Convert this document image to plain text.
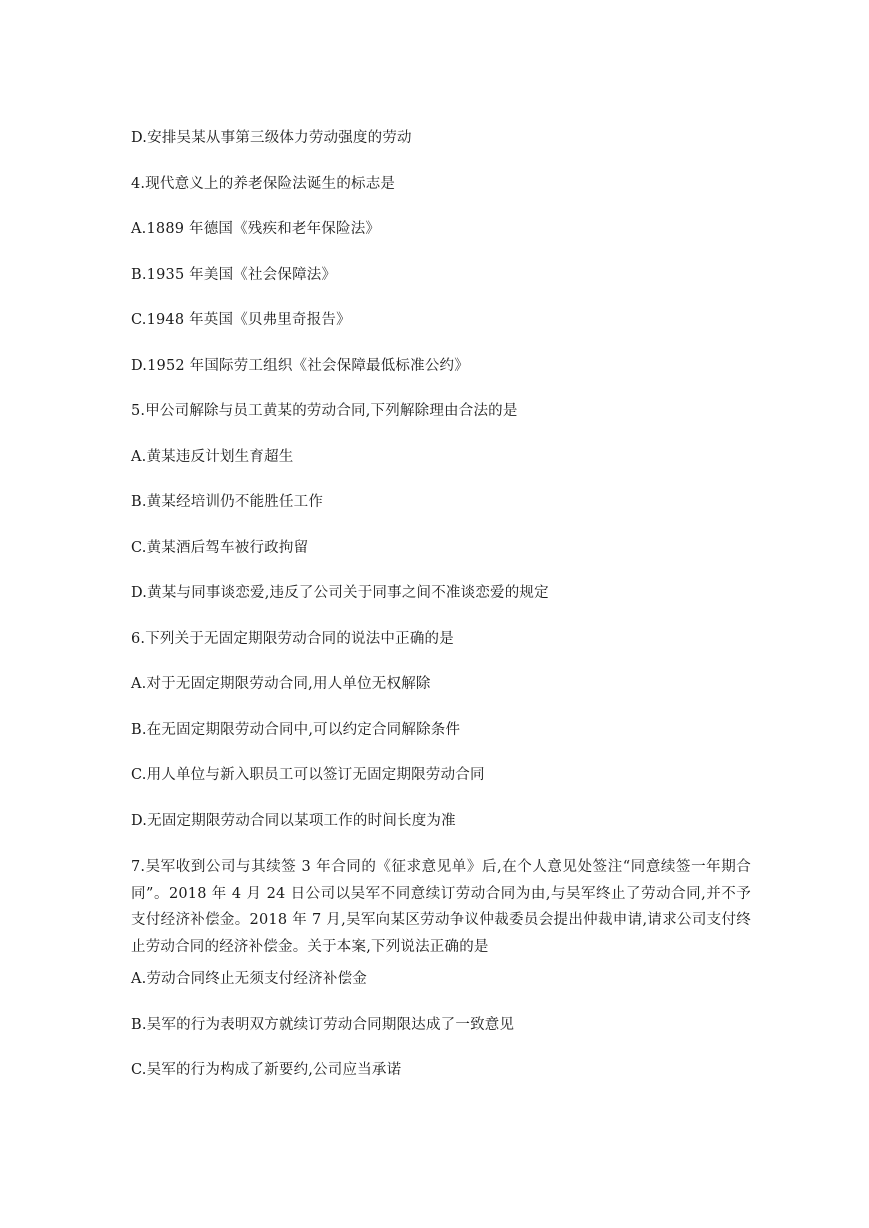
D.安排吴某从事第三级体力劳动强度的劳动
4.现代意义上的养老保险法诞生的标志是
A.1889 年德国《残疾和老年保险法》
B.1935 年美国《社会保障法》
C.1948 年英国《贝弗里奇报告》
D.1952 年国际劳工组织《社会保障最低标准公约》
5.甲公司解除与员工黄某的劳动合同,下列解除理由合法的是
A.黄某违反计划生育超生
B.黄某经培训仍不能胜任工作
C.黄某酒后驾车被行政拘留
D.黄某与同事谈恋爱,违反了公司关于同事之间不准谈恋爱的规定
6.下列关于无固定期限劳动合同的说法中正确的是
A.对于无固定期限劳动合同,用人单位无权解除
B.在无固定期限劳动合同中,可以约定合同解除条件
C.用人单位与新入职员工可以签订无固定期限劳动合同
D.无固定期限劳动合同以某项工作的时间长度为准
7.吴军收到公司与其续签 3 年合同的《征求意见单》后,在个人意见处签注“同意续签一年期合同”。2018 年 4 月 24 日公司以吴军不同意续订劳动合同为由,与吴军终止了劳动合同,并不予支付经济补偿金。2018 年 7 月,吴军向某区劳动争议仲裁委员会提出仲裁申请,请求公司支付终止劳动合同的经济补偿金。关于本案,下列说法正确的是
A.劳动合同终止无须支付经济补偿金
B.吴军的行为表明双方就续订劳动合同期限达成了一致意见
C.吴军的行为构成了新要约,公司应当承诺
